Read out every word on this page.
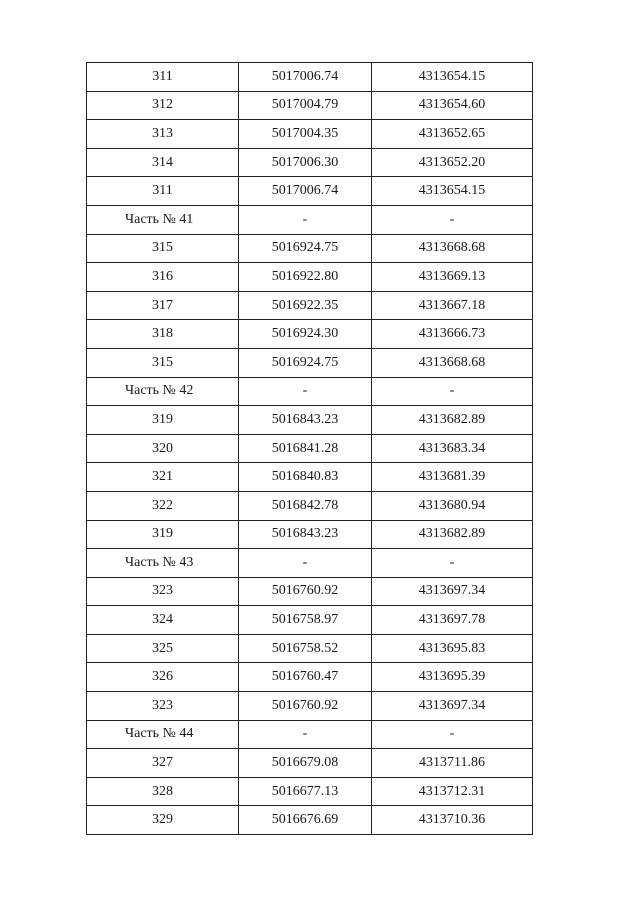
311	5017006.74	4313654.15
312	5017004.79	4313654.60
313	5017004.35	4313652.65
314	5017006.30	4313652.20
311	5017006.74	4313654.15
Часть № 41	-	-
315	5016924.75	4313668.68
316	5016922.80	4313669.13
317	5016922.35	4313667.18
318	5016924.30	4313666.73
315	5016924.75	4313668.68
Часть № 42	-	-
319	5016843.23	4313682.89
320	5016841.28	4313683.34
321	5016840.83	4313681.39
322	5016842.78	4313680.94
319	5016843.23	4313682.89
Часть № 43	-	-
323	5016760.92	4313697.34
324	5016758.97	4313697.78
325	5016758.52	4313695.83
326	5016760.47	4313695.39
323	5016760.92	4313697.34
Часть № 44	-	-
327	5016679.08	4313711.86
328	5016677.13	4313712.31
329	5016676.69	4313710.36
